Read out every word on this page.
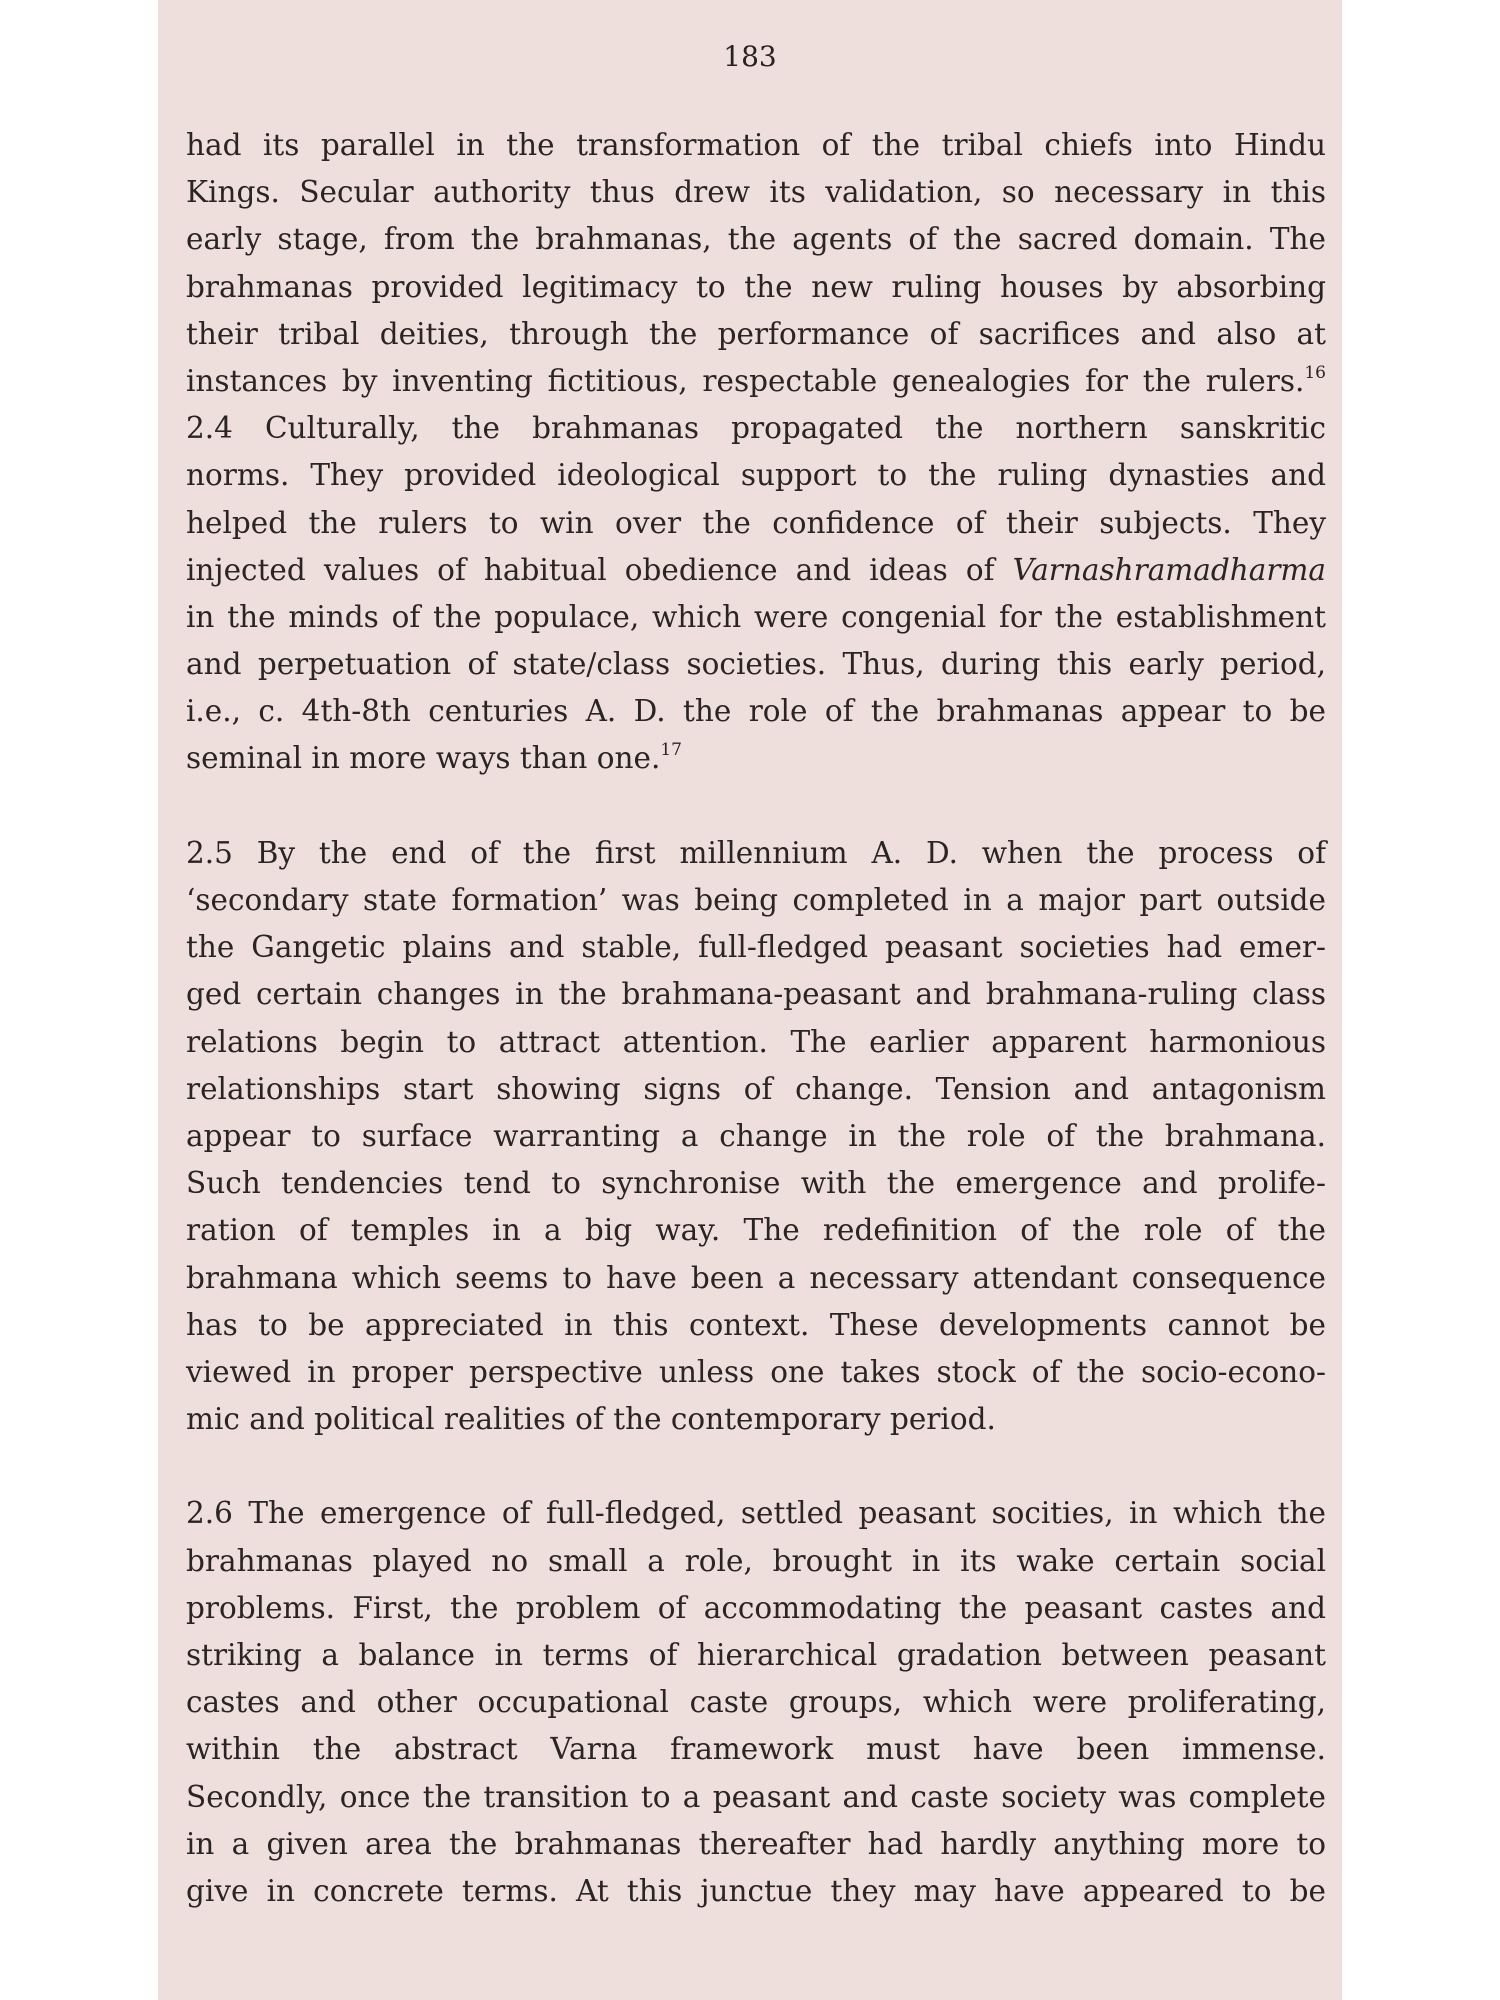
183
had its parallel in the transformation of the tribal chiefs into Hindu
Kings. Secular authority thus drew its validation, so necessary in this
early stage, from the brahmanas, the agents of the sacred domain. The
brahmanas provided legitimacy to the new ruling houses by absorbing
their tribal deities, through the performance of sacrifices and also at
instances by inventing fictitious, respectable genealogies for the rulers.$^{16}$
2.4 Culturally, the brahmanas propagated the northern sanskritic
norms. They provided ideological support to the ruling dynasties and
helped the rulers to win over the confidence of their subjects. They
injected values of habitual obedience and ideas of Varnashramadharma
in the minds of the populace, which were congenial for the establishment
and perpetuation of state/class societies. Thus, during this early period,
i.e., c. 4th-8th centuries A. D. the role of the brahmanas appear to be
seminal in more ways than one.$^{17}$
2.5 By the end of the first millennium A. D. when the process of
‘secondary state formation’ was being completed in a major part outside
the Gangetic plains and stable, full-fledged peasant societies had emer-
ged certain changes in the brahmana-peasant and brahmana-ruling class
relations begin to attract attention. The earlier apparent harmonious
relationships start showing signs of change. Tension and antagonism
appear to surface warranting a change in the role of the brahmana.
Such tendencies tend to synchronise with the emergence and prolife-
ration of temples in a big way. The redefinition of the role of the
brahmana which seems to have been a necessary attendant consequence
has to be appreciated in this context. These developments cannot be
viewed in proper perspective unless one takes stock of the socio-econo-
mic and political realities of the contemporary period.
2.6 The emergence of full-fledged, settled peasant socities, in which the
brahmanas played no small a role, brought in its wake certain social
problems. First, the problem of accommodating the peasant castes and
striking a balance in terms of hierarchical gradation between peasant
castes and other occupational caste groups, which were proliferating,
within the abstract Varna framework must have been immense.
Secondly, once the transition to a peasant and caste society was complete
in a given area the brahmanas thereafter had hardly anything more to
give in concrete terms. At this junctue they may have appeared to be
